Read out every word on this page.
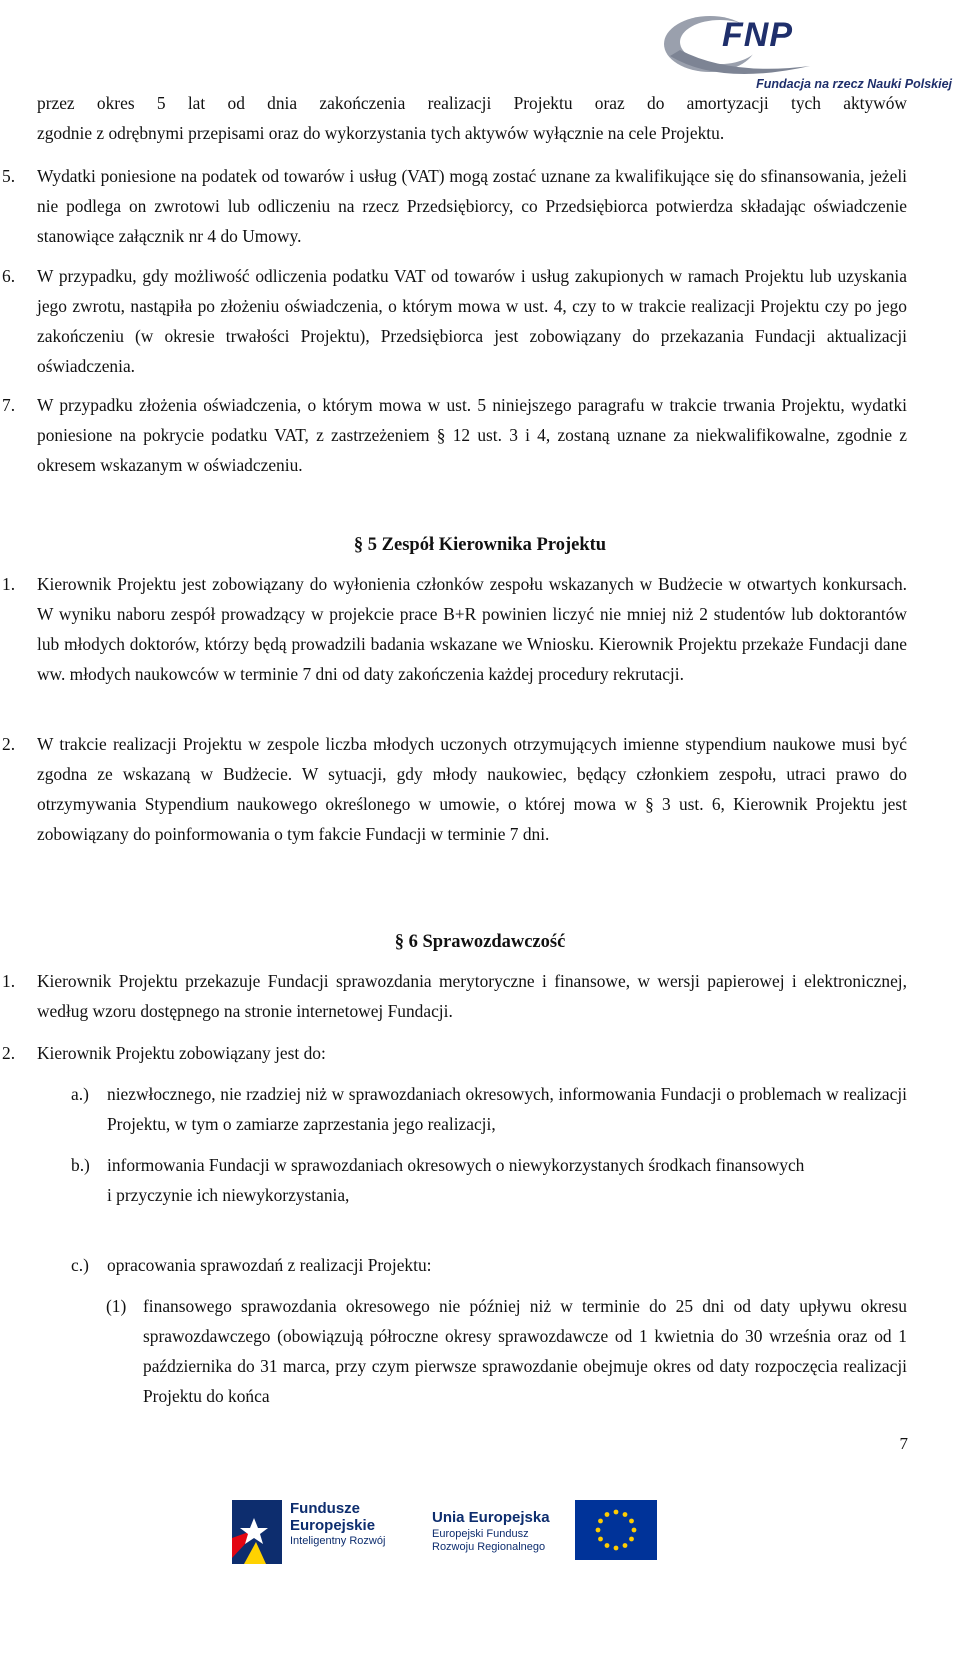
FNP
Fundacja na rzecz Nauki Polskiej
przez okres 5 lat od dnia zakończenia realizacji Projektu oraz do amortyzacji tych aktywów
zgodnie z odrębnymi przepisami oraz do wykorzystania tych aktywów wyłącznie na cele Projektu.
5. Wydatki poniesione na podatek od towarów i usług (VAT) mogą zostać uznane za kwalifikujące się do sfinansowania, jeżeli nie podlega on zwrotowi lub odliczeniu na rzecz Przedsiębiorcy, co Przedsiębiorca potwierdza składając oświadczenie stanowiące załącznik nr 4 do Umowy.
6. W przypadku, gdy możliwość odliczenia podatku VAT od towarów i usług zakupionych w ramach Projektu lub uzyskania jego zwrotu, nastąpiła po złożeniu oświadczenia, o którym mowa w ust. 4, czy to w trakcie realizacji Projektu czy po jego zakończeniu (w okresie trwałości Projektu), Przedsiębiorca jest zobowiązany do przekazania Fundacji aktualizacji oświadczenia.
7. W przypadku złożenia oświadczenia, o którym mowa w ust. 5 niniejszego paragrafu w trakcie trwania Projektu, wydatki poniesione na pokrycie podatku VAT, z zastrzeżeniem § 12 ust. 3 i 4, zostaną uznane za niekwalifikowalne, zgodnie z okresem wskazanym w oświadczeniu.
§ 5 Zespół Kierownika Projektu
1. Kierownik Projektu jest zobowiązany do wyłonienia członków zespołu wskazanych w Budżecie w otwartych konkursach. W wyniku naboru zespół prowadzący w projekcie prace B+R powinien liczyć nie mniej niż 2 studentów lub doktorantów lub młodych doktorów, którzy będą prowadzili badania wskazane we Wniosku. Kierownik Projektu przekaże Fundacji dane ww. młodych naukowców w terminie 7 dni od daty zakończenia każdej procedury rekrutacji.
2. W trakcie realizacji Projektu w zespole liczba młodych uczonych otrzymujących imienne stypendium naukowe musi być zgodna ze wskazaną w Budżecie. W sytuacji, gdy młody naukowiec, będący członkiem zespołu, utraci prawo do otrzymywania Stypendium naukowego określonego w umowie, o której mowa w § 3 ust. 6, Kierownik Projektu jest zobowiązany do poinformowania o tym fakcie Fundacji w terminie 7 dni.
§ 6 Sprawozdawczość
1. Kierownik Projektu przekazuje Fundacji sprawozdania merytoryczne i finansowe, w wersji papierowej i elektronicznej, według wzoru dostępnego na stronie internetowej Fundacji.
2. Kierownik Projektu zobowiązany jest do:
a.) niezwłocznego, nie rzadziej niż w sprawozdaniach okresowych, informowania Fundacji o problemach w realizacji Projektu, w tym o zamiarze zaprzestania jego realizacji,
b.) informowania Fundacji w sprawozdaniach okresowych o niewykorzystanych środkach finansowych
i przyczynie ich niewykorzystania,
c.) opracowania sprawozdań z realizacji Projektu:
(1) finansowego sprawozdania okresowego nie później niż w terminie do 25 dni od daty upływu okresu sprawozdawczego (obowiązują półroczne okresy sprawozdawcze od 1 kwietnia do 30 września oraz od 1 października do 31 marca, przy czym pierwsze sprawozdanie obejmuje okres od daty rozpoczęcia realizacji Projektu do końca
7
Fundusze
Europejskie
Inteligentny Rozwój
Unia Europejska
Europejski Fundusz
Rozwoju Regionalnego
